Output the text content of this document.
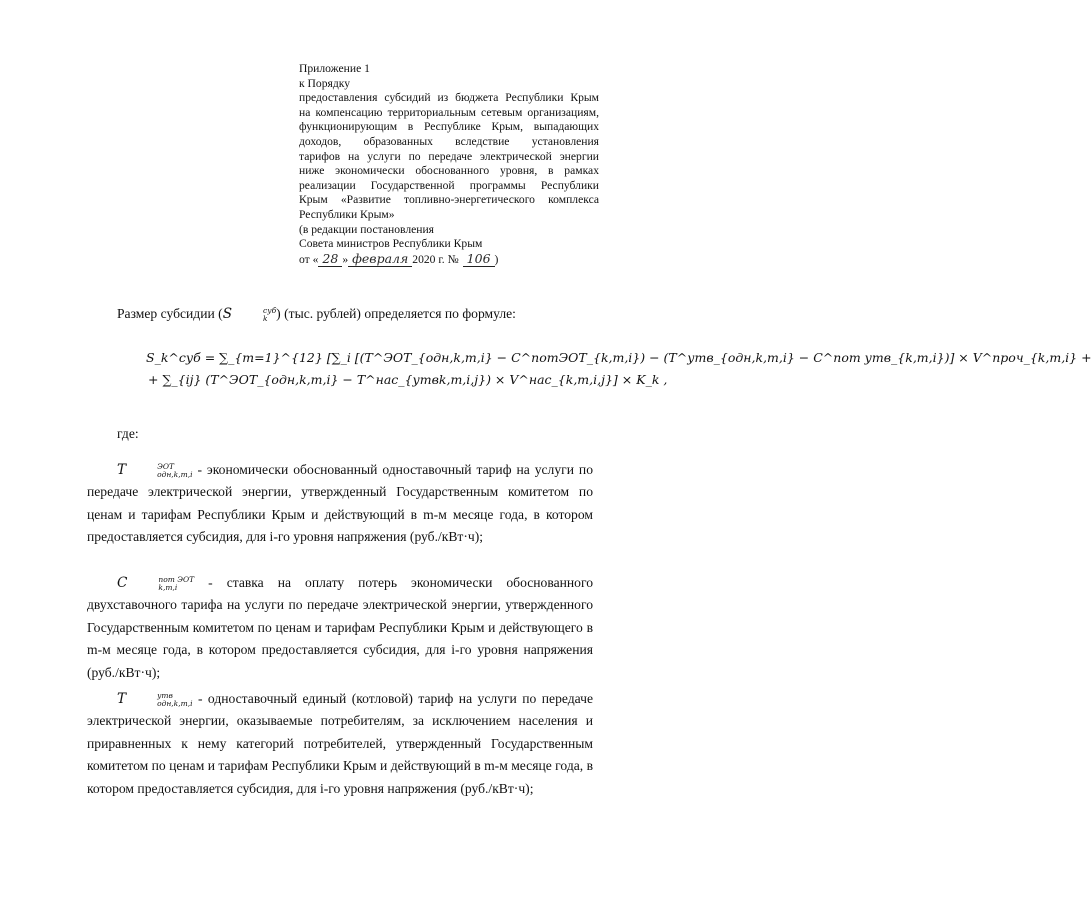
Приложение 1
к Порядку
предоставления субсидий из бюджета Республики Крым
на компенсацию территориальным сетевым организациям,
функционирующим в Республике Крым, выпадающих
доходов, образованных вследствие установления
тарифов на услуги по передаче электрической энергии
ниже экономически обоснованного уровня, в рамках
реализации Государственной программы Республики
Крым «Развитие топливно-энергетического комплекса
Республики Крым»
(в редакции постановления
Совета министров Республики Крым
от « 28 » февраля 2020 г. № 106 )

Размер субсидии (S	суб
k ) (тыс. рублей) определяется по формуле:

S_k^суб = ∑_{m=1}^{12} [∑_i [(T^ЭОТ_{одн,k,m,i} − C^потЭОТ_{k,m,i}) − (T^утв_{одн,k,m,i} − C^пот утв_{k,m,i})] × V^проч_{k,m,i} +
+ ∑_{ij} (T^ЭОТ_{одн,k,m,i} − T^нас_{утвk,m,i,j}) × V^нас_{k,m,i,j}] × K_k ,

где:

T	ЭОТ
одн,k,m,i - экономически обоснованный одноставочный тариф на услуги по передаче электрической энергии, утвержденный Государственным комитетом по ценам и тарифам Республики Крым и действующий в m-м месяце года, в котором предоставляется субсидия, для i-го уровня напряжения (руб./кВт·ч);

C	пот ЭОТ
k,m,i	- ставка на оплату потерь экономически обоснованного двухставочного тарифа на услуги по передаче электрической энергии, утвержденного Государственным комитетом по ценам и тарифам Республики Крым и действующего в m-м месяце года, в котором предоставляется субсидия, для i-го уровня напряжения (руб./кВт·ч);

T	утв
одн,k,m,i - одноставочный единый (котловой) тариф на услуги по передаче электрической энергии, оказываемые потребителям, за исключением населения и приравненных к нему категорий потребителей, утвержденный Государственным комитетом по ценам и тарифам Республики Крым и действующий в m-м месяце года, в котором предоставляется субсидия, для i-го уровня напряжения (руб./кВт·ч);
